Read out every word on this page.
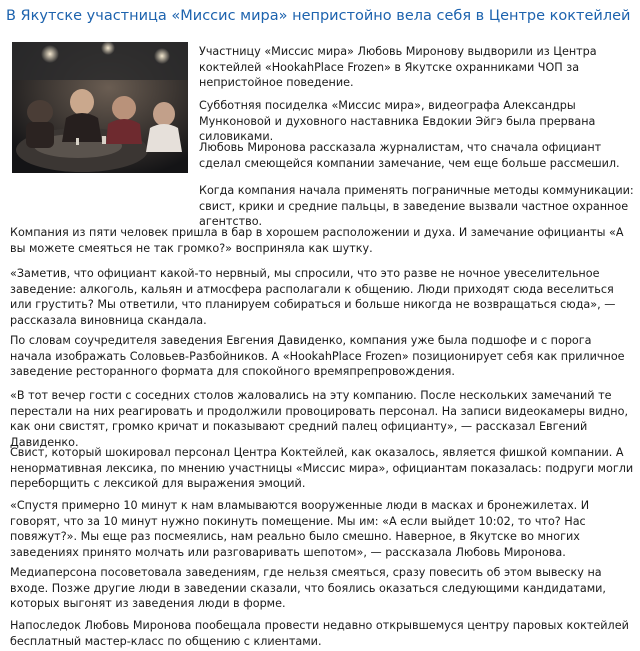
В Якутске участница «Миссис мира» непристойно вела себя в Центре коктейлей

Участницу «Миссис мира» Любовь Миронову выдворили из Центра коктейлей «HookahPlace Frozen» в Якутске охранниками ЧОП за непристойное поведение.

Субботняя посиделка «Миссис мира», видеографа Александры Мунконовой и духовного наставника Евдокии Эйгэ была прервана силовиками.

Любовь Миронова рассказала журналистам, что сначала официант сделал смеющейся компании замечание, чем еще больше рассмешил.

Когда компания начала применять пограничные методы коммуникации: свист, крики и средние пальцы, в заведение вызвали частное охранное агентство.

Компания из пяти человек пришла в бар в хорошем расположении и духа. И замечание официанты «А вы можете смеяться не так громко?» восприняла как шутку.

«Заметив, что официант какой-то нервный, мы спросили, что это разве не ночное увеселительное заведение: алкоголь, кальян и атмосфера располагали к общению. Люди приходят сюда веселиться или грустить? Мы ответили, что планируем собираться и больше никогда не возвращаться сюда», — рассказала виновница скандала.

По словам соучредителя заведения Евгения Давиденко, компания уже была подшофе и с порога начала изображать Соловьев-Разбойников. А «HookahPlace Frozen» позиционирует себя как приличное заведение ресторанного формата для спокойного времяпрепровождения.

«В тот вечер гости с соседних столов жаловались на эту компанию. После нескольких замечаний те перестали на них реагировать и продолжили провоцировать персонал. На записи видеокамеры видно, как они свистят, громко кричат и показывают средний палец официанту», — рассказал Евгений Давиденко.

Свист, который шокировал персонал Центра Коктейлей, как оказалось, является фишкой компании. А ненормативная лексика, по мнению участницы «Миссис мира», официантам показалась: подруги могли переборщить с лексикой для выражения эмоций.

«Спустя примерно 10 минут к нам вламываются вооруженные люди в масках и бронежилетах. И говорят, что за 10 минут нужно покинуть помещение. Мы им: «А если выйдет 10:02, то что? Нас повяжут?». Мы еще раз посмеялись, нам реально было смешно. Наверное, в Якутске во многих заведениях принято молчать или разговаривать шепотом», — рассказала Любовь Миронова.

Медиаперсона посоветовала заведениям, где нельзя смеяться, сразу повесить об этом вывеску на входе. Позже другие люди в заведении сказали, что боялись оказаться следующими кандидатами, которых выгонят из заведения люди в форме.

Напоследок Любовь Миронова пообещала провести недавно открывшемуся центру паровых коктейлей бесплатный мастер-класс по общению с клиентами.
